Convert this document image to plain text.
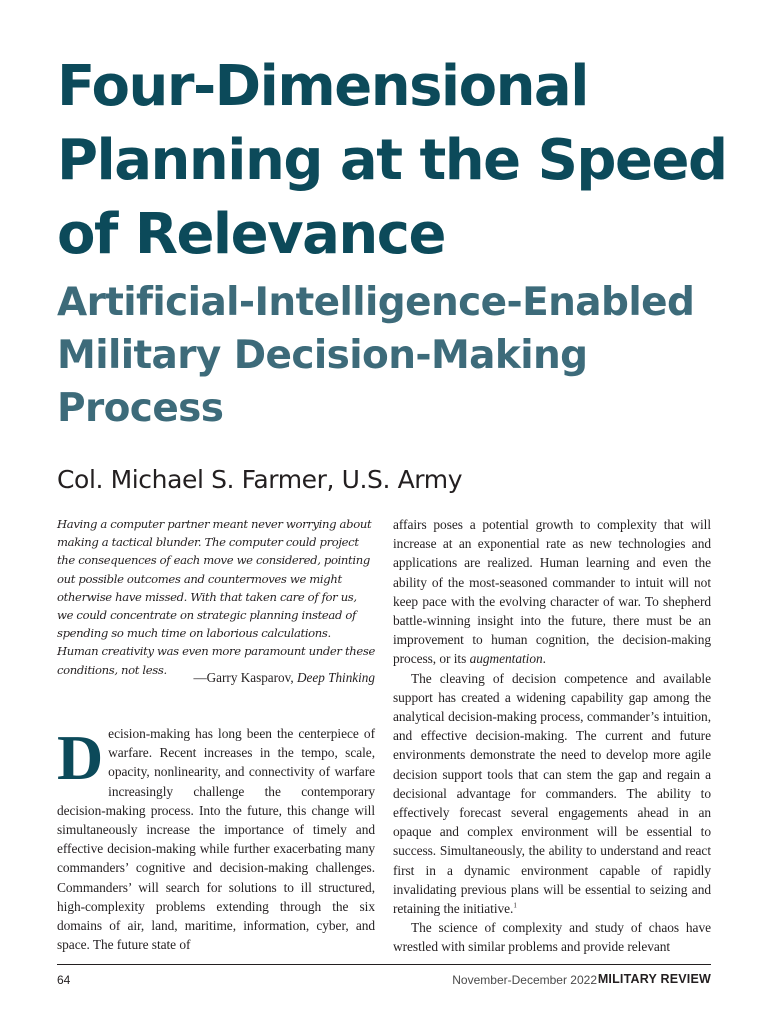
Four-Dimensional Planning at the Speed of Relevance
Artificial-Intelligence-Enabled Military Decision-Making Process
Col. Michael S. Farmer, U.S. Army

Having a computer partner meant never worrying about making a tactical blunder. The computer could project the consequences of each move we considered, pointing out possible outcomes and countermoves we might otherwise have missed. With that taken care of for us, we could concentrate on strategic planning instead of spending so much time on laborious calculations. Human creativity was even more paramount under these conditions, not less.

—Garry Kasparov, Deep Thinking
Decision-making has long been the centerpiece of warfare. Recent increases in the tempo, scale, opacity, nonlinearity, and connectivity of warfare increasingly challenge the contemporary decision-making process. Into the future, this change will simultaneously increase the importance of timely and effective decision-making while further exacerbating many commanders’ cognitive and decision-making challenges. Commanders’ will search for solutions to ill structured, high-complexity problems extending through the six domains of air, land, maritime, information, cyber, and space. The future state of

affairs poses a potential growth to complexity that will increase at an exponential rate as new technologies and applications are realized. Human learning and even the ability of the most-seasoned commander to intuit will not keep pace with the evolving character of war. To shepherd battle-winning insight into the future, there must be an improvement to human cognition, the decision-making process, or its augmentation.

The cleaving of decision competence and available support has created a widening capability gap among the analytical decision-making process, commander’s intuition, and effective decision-making. The current and future environments demonstrate the need to develop more agile decision support tools that can stem the gap and regain a decisional advantage for commanders. The ability to effectively forecast several engagements ahead in an opaque and complex environment will be essential to success. Simultaneously, the ability to understand and react first in a dynamic environment capable of rapidly invalidating previous plans will be essential to seizing and retaining the initiative.$^1$

The science of complexity and study of chaos have wrestled with similar problems and provide relevant

64	November-December 2022 MILITARY REVIEW
